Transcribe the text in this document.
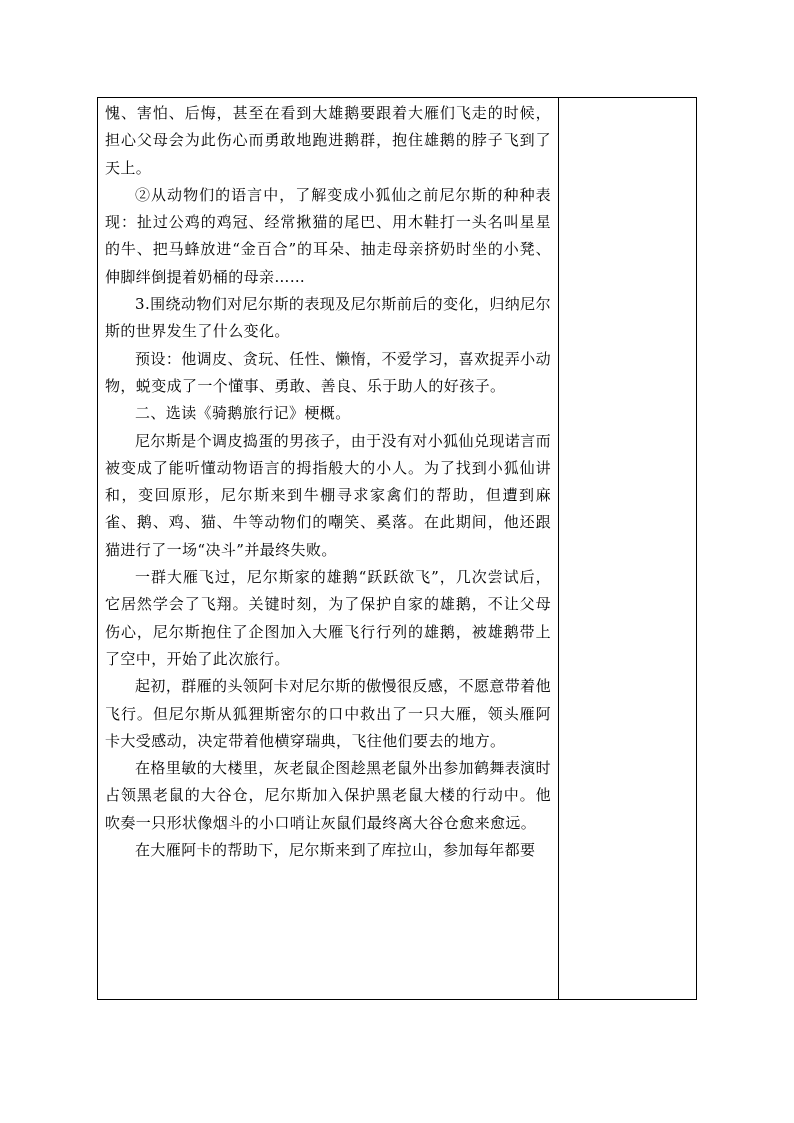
愧、害怕、后悔，甚至在看到大雄鹅要跟着大雁们飞走的时候，担心父母会为此伤心而勇敢地跑进鹅群，抱住雄鹅的脖子飞到了天上。

②从动物们的语言中，了解变成小狐仙之前尼尔斯的种种表现：扯过公鸡的鸡冠、经常揪猫的尾巴、用木鞋打一头名叫星星的牛、把马蜂放进“金百合”的耳朵、抽走母亲挤奶时坐的小凳、伸脚绊倒提着奶桶的母亲……

3.围绕动物们对尼尔斯的表现及尼尔斯前后的变化，归纳尼尔斯的世界发生了什么变化。

预设：他调皮、贪玩、任性、懒惰，不爱学习，喜欢捉弄小动物，蜕变成了一个懂事、勇敢、善良、乐于助人的好孩子。

二、选读《骑鹅旅行记》梗概。

尼尔斯是个调皮捣蛋的男孩子，由于没有对小狐仙兑现诺言而被变成了能听懂动物语言的拇指般大的小人。为了找到小狐仙讲和，变回原形，尼尔斯来到牛棚寻求家禽们的帮助，但遭到麻雀、鹅、鸡、猫、牛等动物们的嘲笑、奚落。在此期间，他还跟猫进行了一场“决斗”并最终失败。

一群大雁飞过，尼尔斯家的雄鹅“跃跃欲飞”，几次尝试后，它居然学会了飞翔。关键时刻，为了保护自家的雄鹅，不让父母伤心，尼尔斯抱住了企图加入大雁飞行行列的雄鹅，被雄鹅带上了空中，开始了此次旅行。

起初，群雁的头领阿卡对尼尔斯的傲慢很反感，不愿意带着他飞行。但尼尔斯从狐狸斯密尔的口中救出了一只大雁，领头雁阿卡大受感动，决定带着他横穿瑞典，飞往他们要去的地方。

在格里敏的大楼里，灰老鼠企图趁黑老鼠外出参加鹤舞表演时占领黑老鼠的大谷仓，尼尔斯加入保护黑老鼠大楼的行动中。他吹奏一只形状像烟斗的小口哨让灰鼠们最终离大谷仓愈来愈远。

在大雁阿卡的帮助下，尼尔斯来到了库拉山，参加每年都要
